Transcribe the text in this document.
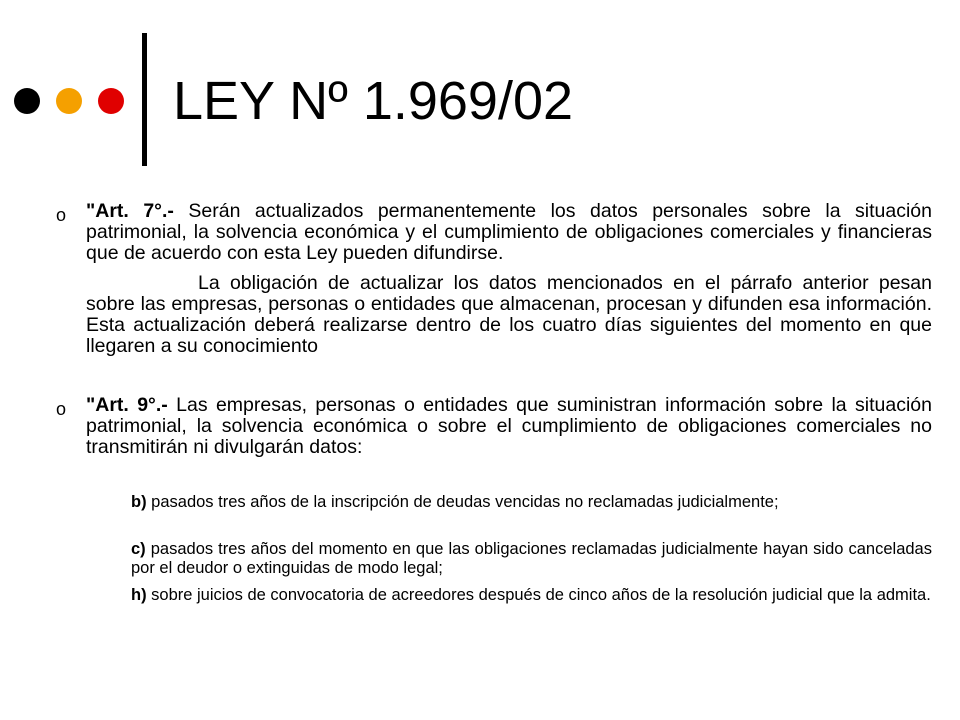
LEY Nº 1.969/02
o "Art. 7°.- Serán actualizados permanentemente los datos personales sobre la situación patrimonial, la solvencia económica y el cumplimiento de obligaciones comerciales y financieras que de acuerdo con esta Ley pueden difundirse.

La obligación de actualizar los datos mencionados en el párrafo anterior pesan sobre las empresas, personas o entidades que almacenan, procesan y difunden esa información. Esta actualización deberá realizarse dentro de los cuatro días siguientes del momento en que llegaren a su conocimiento

o "Art. 9°.- Las empresas, personas o entidades que suministran información sobre la situación patrimonial, la solvencia económica o sobre el cumplimiento de obligaciones comerciales no transmitirán ni divulgarán datos:

b) pasados tres años de la inscripción de deudas vencidas no reclamadas judicialmente;

c) pasados tres años del momento en que las obligaciones reclamadas judicialmente hayan sido canceladas por el deudor o extinguidas de modo legal;

h) sobre juicios de convocatoria de acreedores después de cinco años de la resolución judicial que la admita.
